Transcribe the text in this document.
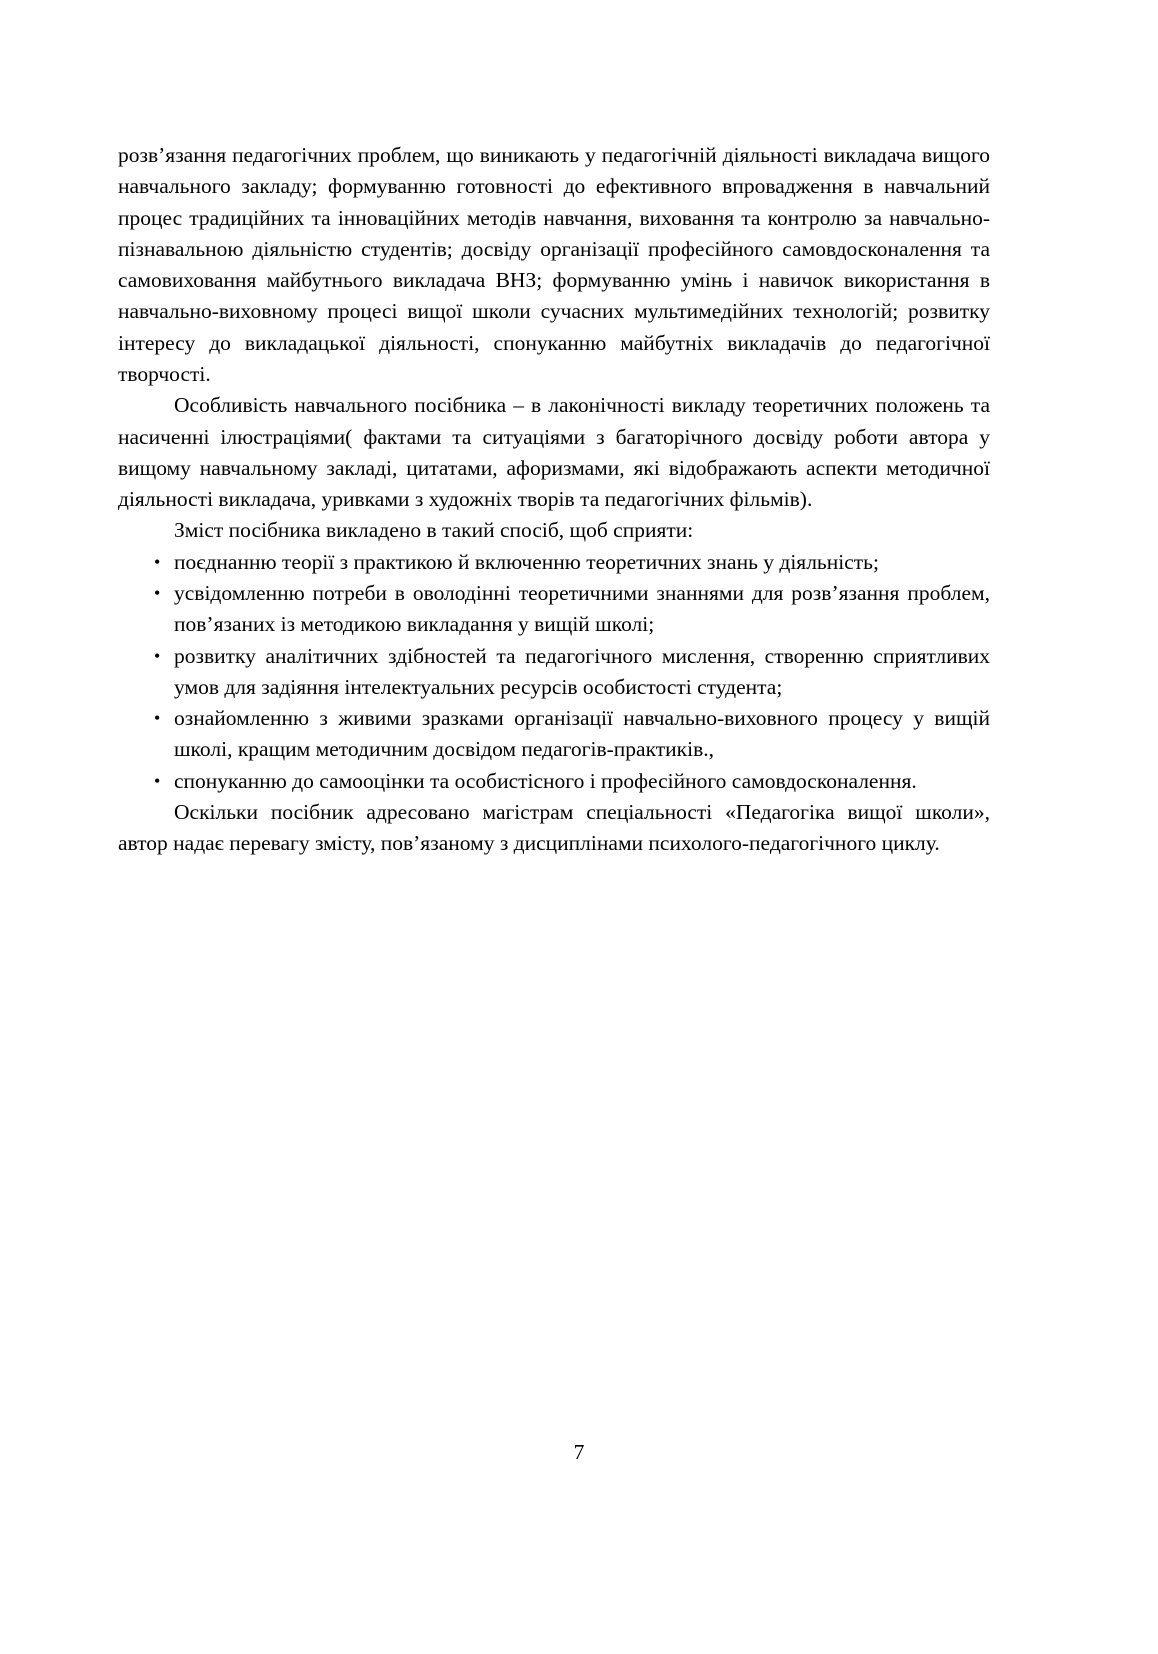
розв’язання педагогічних проблем, що виникають у педагогічній діяльності викладача вищого навчального закладу; формуванню готовності до ефективного впровадження в навчальний процес традиційних та інноваційних методів навчання, виховання та контролю за навчально-пізнавальною діяльністю студентів; досвіду організації професійного самовдосконалення та самовиховання майбутнього викладача ВНЗ; формуванню умінь і навичок використання в навчально-виховному процесі вищої школи сучасних мультимедійних технологій; розвитку інтересу до викладацької діяльності, спонуканню майбутніх викладачів до педагогічної творчості.

Особливість навчального посібника – в лаконічності викладу теоретичних положень та насиченні ілюстраціями( фактами та ситуаціями з багаторічного досвіду роботи автора у вищому навчальному закладі, цитатами, афоризмами, які відображають аспекти методичної діяльності викладача, уривками з художніх творів та педагогічних фільмів).

Зміст посібника викладено в такий спосіб, щоб сприяти:

• поєднанню теорії з практикою й включенню теоретичних знань у діяльність;
• усвідомленню потреби в оволодінні теоретичними знаннями для розв’язання проблем, пов’язаних із методикою викладання у вищій школі;
• розвитку аналітичних здібностей та педагогічного мислення, створенню сприятливих умов для задіяння інтелектуальних ресурсів особистості студента;
• ознайомленню з живими зразками організації навчально-виховного процесу у вищій школі, кращим методичним досвідом педагогів-практиків.,
• спонуканню до самооцінки та особистісного і професійного самовдосконалення.

Оскільки посібник адресовано магістрам спеціальності «Педагогіка вищої школи», автор надає перевагу змісту, пов’язаному з дисциплінами психолого-педагогічного циклу.

7
